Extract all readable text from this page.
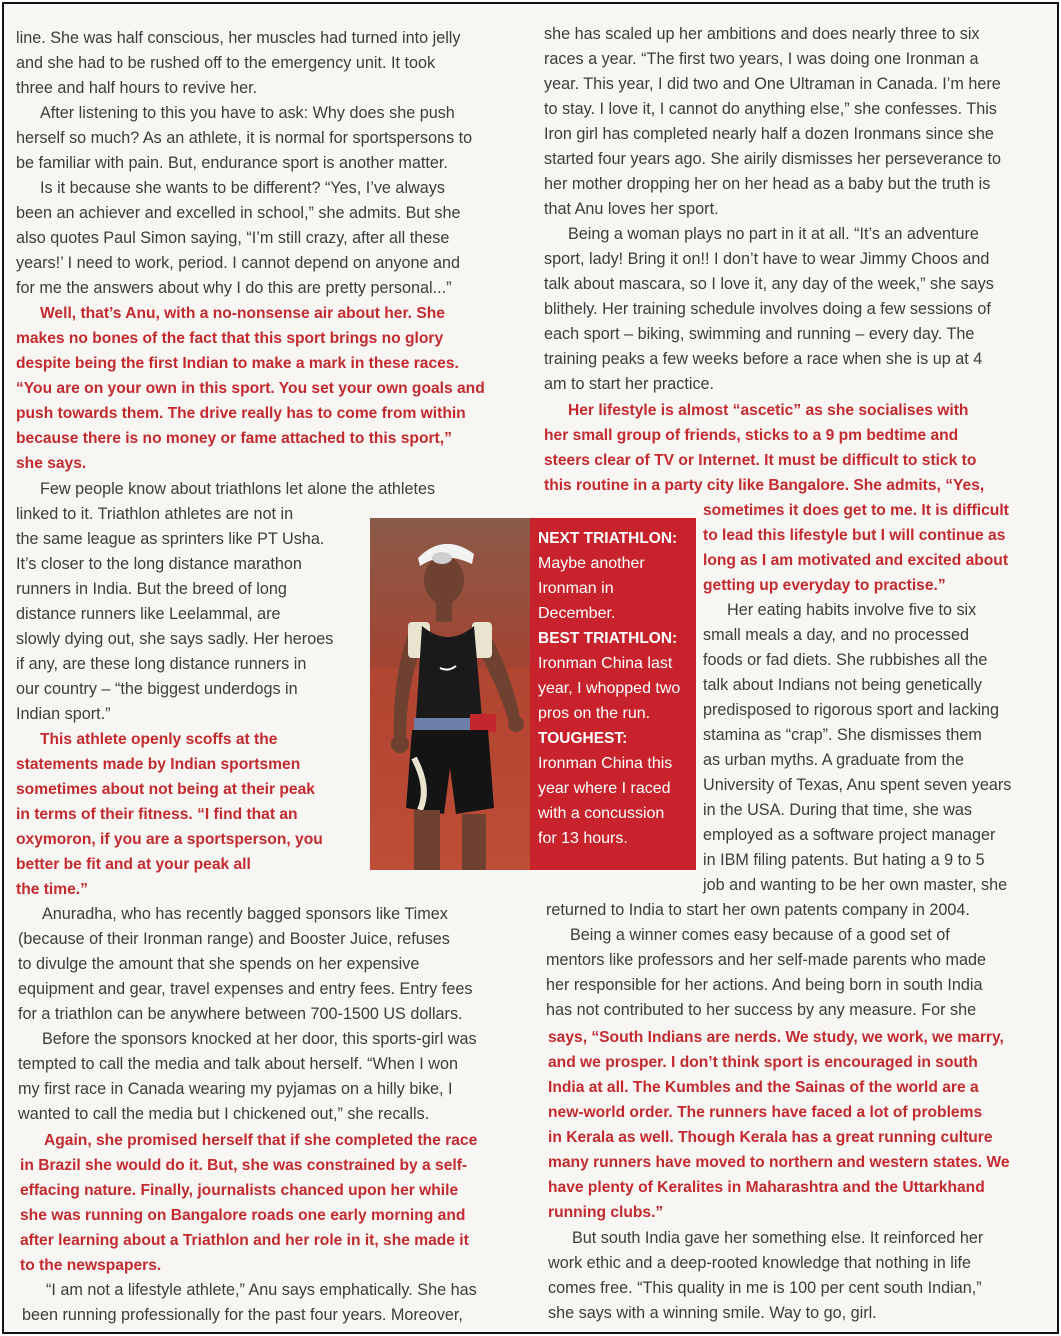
line. She was half conscious, her muscles had turned into jelly
and she had to be rushed off to the emergency unit. It took
three and half hours to revive her.
After listening to this you have to ask: Why does she push
herself so much? As an athlete, it is normal for sportspersons to
be familiar with pain. But, endurance sport is another matter.
Is it because she wants to be different? “Yes, I’ve always
been an achiever and excelled in school,” she admits. But she
also quotes Paul Simon saying, “I’m still crazy, after all these
years!’ I need to work, period. I cannot depend on anyone and
for me the answers about why I do this are pretty personal...”
Well, that’s Anu, with a no-nonsense air about her. She
makes no bones of the fact that this sport brings no glory
despite being the first Indian to make a mark in these races.
“You are on your own in this sport. You set your own goals and
push towards them. The drive really has to come from within
because there is no money or fame attached to this sport,”
she says.
Few people know about triathlons let alone the athletes
linked to it. Triathlon athletes are not in
the same league as sprinters like PT Usha.
It’s closer to the long distance marathon
runners in India. But the breed of long
distance runners like Leelammal, are
slowly dying out, she says sadly. Her heroes
if any, are these long distance runners in
our country – “the biggest underdogs in
Indian sport.”
This athlete openly scoffs at the
statements made by Indian sportsmen
sometimes about not being at their peak
in terms of their fitness. “I find that an
oxymoron, if you are a sportsperson, you
better be fit and at your peak all
the time.”
Anuradha, who has recently bagged sponsors like Timex
(because of their Ironman range) and Booster Juice, refuses
to divulge the amount that she spends on her expensive
equipment and gear, travel expenses and entry fees. Entry fees
for a triathlon can be anywhere between 700-1500 US dollars.
Before the sponsors knocked at her door, this sports-girl was
tempted to call the media and talk about herself. “When I won
my first race in Canada wearing my pyjamas on a hilly bike, I
wanted to call the media but I chickened out,” she recalls.
Again, she promised herself that if she completed the race
in Brazil she would do it. But, she was constrained by a self-
effacing nature. Finally, journalists chanced upon her while
she was running on Bangalore roads one early morning and
after learning about a Triathlon and her role in it, she made it
to the newspapers.
“I am not a lifestyle athlete,” Anu says emphatically. She has
been running professionally for the past four years. Moreover,
she has scaled up her ambitions and does nearly three to six
races a year. “The first two years, I was doing one Ironman a
year. This year, I did two and One Ultraman in Canada. I’m here
to stay. I love it, I cannot do anything else,” she confesses. This
Iron girl has completed nearly half a dozen Ironmans since she
started four years ago. She airily dismisses her perseverance to
her mother dropping her on her head as a baby but the truth is
that Anu loves her sport.
Being a woman plays no part in it at all. “It’s an adventure
sport, lady! Bring it on!! I don’t have to wear Jimmy Choos and
talk about mascara, so I love it, any day of the week,” she says
blithely. Her training schedule involves doing a few sessions of
each sport – biking, swimming and running – every day. The
training peaks a few weeks before a race when she is up at 4
am to start her practice.
Her lifestyle is almost “ascetic” as she socialises with
her small group of friends, sticks to a 9 pm bedtime and
steers clear of TV or Internet. It must be difficult to stick to
this routine in a party city like Bangalore. She admits, “Yes,
sometimes it does get to me. It is difficult
to lead this lifestyle but I will continue as
long as I am motivated and excited about
getting up everyday to practise.”
Her eating habits involve five to six
small meals a day, and no processed
foods or fad diets. She rubbishes all the
talk about Indians not being genetically
predisposed to rigorous sport and lacking
stamina as “crap”. She dismisses them
as urban myths. A graduate from the
University of Texas, Anu spent seven years
in the USA. During that time, she was
employed as a software project manager
in IBM filing patents. But hating a 9 to 5
job and wanting to be her own master, she
returned to India to start her own patents company in 2004.
Being a winner comes easy because of a good set of
mentors like professors and her self-made parents who made
her responsible for her actions. And being born in south India
has not contributed to her success by any measure. For she
says, “South Indians are nerds. We study, we work, we marry,
and we prosper. I don’t think sport is encouraged in south
India at all. The Kumbles and the Sainas of the world are a
new-world order. The runners have faced a lot of problems
in Kerala as well. Though Kerala has a great running culture
many runners have moved to northern and western states. We
have plenty of Keralites in Maharashtra and the Uttarkhand
running clubs.”
But south India gave her something else. It reinforced her
work ethic and a deep-rooted knowledge that nothing in life
comes free. “This quality in me is 100 per cent south Indian,”
she says with a winning smile. Way to go, girl.
NEXT TRIATHLON:
Maybe another
Ironman in
December.
BEST TRIATHLON:
Ironman China last
year, I whopped two
pros on the run.
TOUGHEST:
Ironman China this
year where I raced
with a concussion
for 13 hours.
